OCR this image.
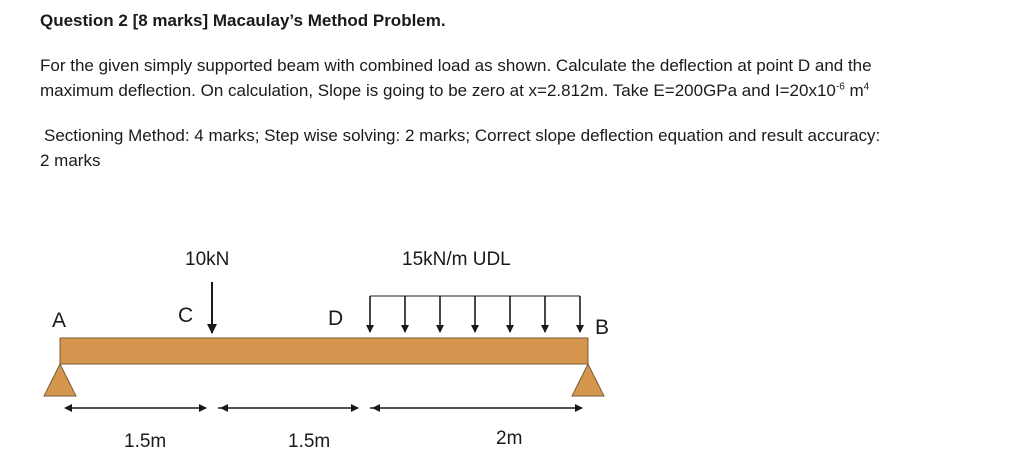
Question 2 [8 marks] Macaulay’s Method Problem.
For the given simply supported beam with combined load as shown. Calculate the deflection at point D and the
maximum deflection. On calculation, Slope is going to be zero at x=2.812m. Take E=200GPa and $I=20x10^{-6}$ $m^4$
Sectioning Method: 4 marks; Step wise solving: 2 marks; Correct slope deflection equation and result accuracy:
2 marks
10kN	15kN/m UDL
A	C	D	B
1.5m	1.5m	2m
